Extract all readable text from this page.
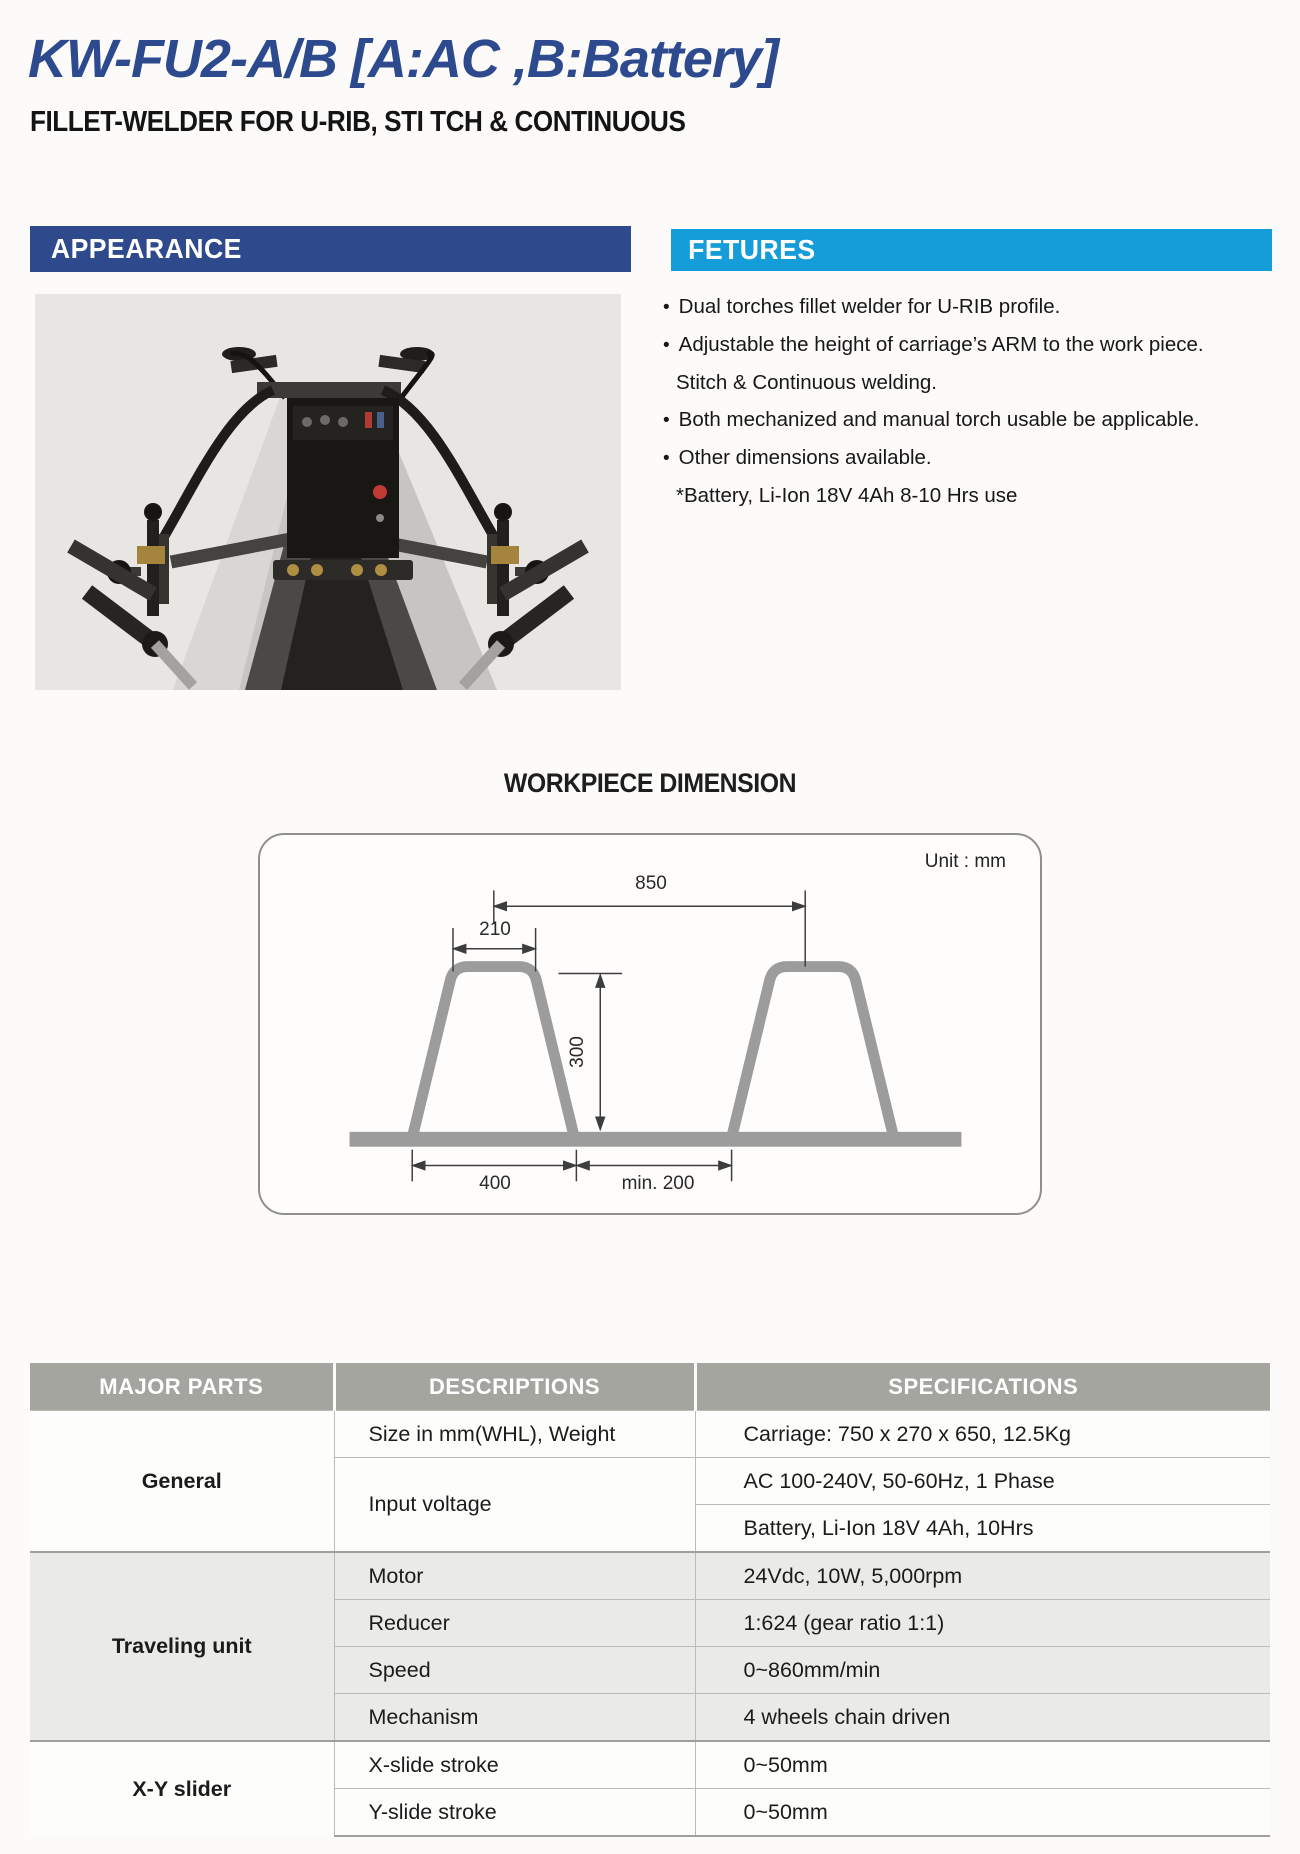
KW-FU2-A/B [A:AC ,B:Battery]
FILLET-WELDER FOR U-RIB, STI TCH & CONTINUOUS
APPEARANCE	FETURES
• Dual torches fillet welder for U-RIB profile.
• Adjustable the height of carriage’s ARM to the work piece.
Stitch & Continuous welding.
• Both mechanized and manual torch usable be applicable.
• Other dimensions available.
*Battery, Li-Ion 18V 4Ah 8-10 Hrs use
WORKPIECE DIMENSION
Unit : mm
850
210
300
400	min. 200
MAJOR PARTS	DESCRIPTIONS	SPECIFICATIONS
General	Size in mm(WHL), Weight	Carriage: 750 x 270 x 650, 12.5Kg
	Input voltage	AC 100-240V, 50-60Hz, 1 Phase
		Battery, Li-Ion 18V 4Ah, 10Hrs
Traveling unit	Motor	24Vdc, 10W, 5,000rpm
	Reducer	1:624 (gear ratio 1:1)
	Speed	0~860mm/min
	Mechanism	4 wheels chain driven
X-Y slider	X-slide stroke	0~50mm
	Y-slide stroke	0~50mm
